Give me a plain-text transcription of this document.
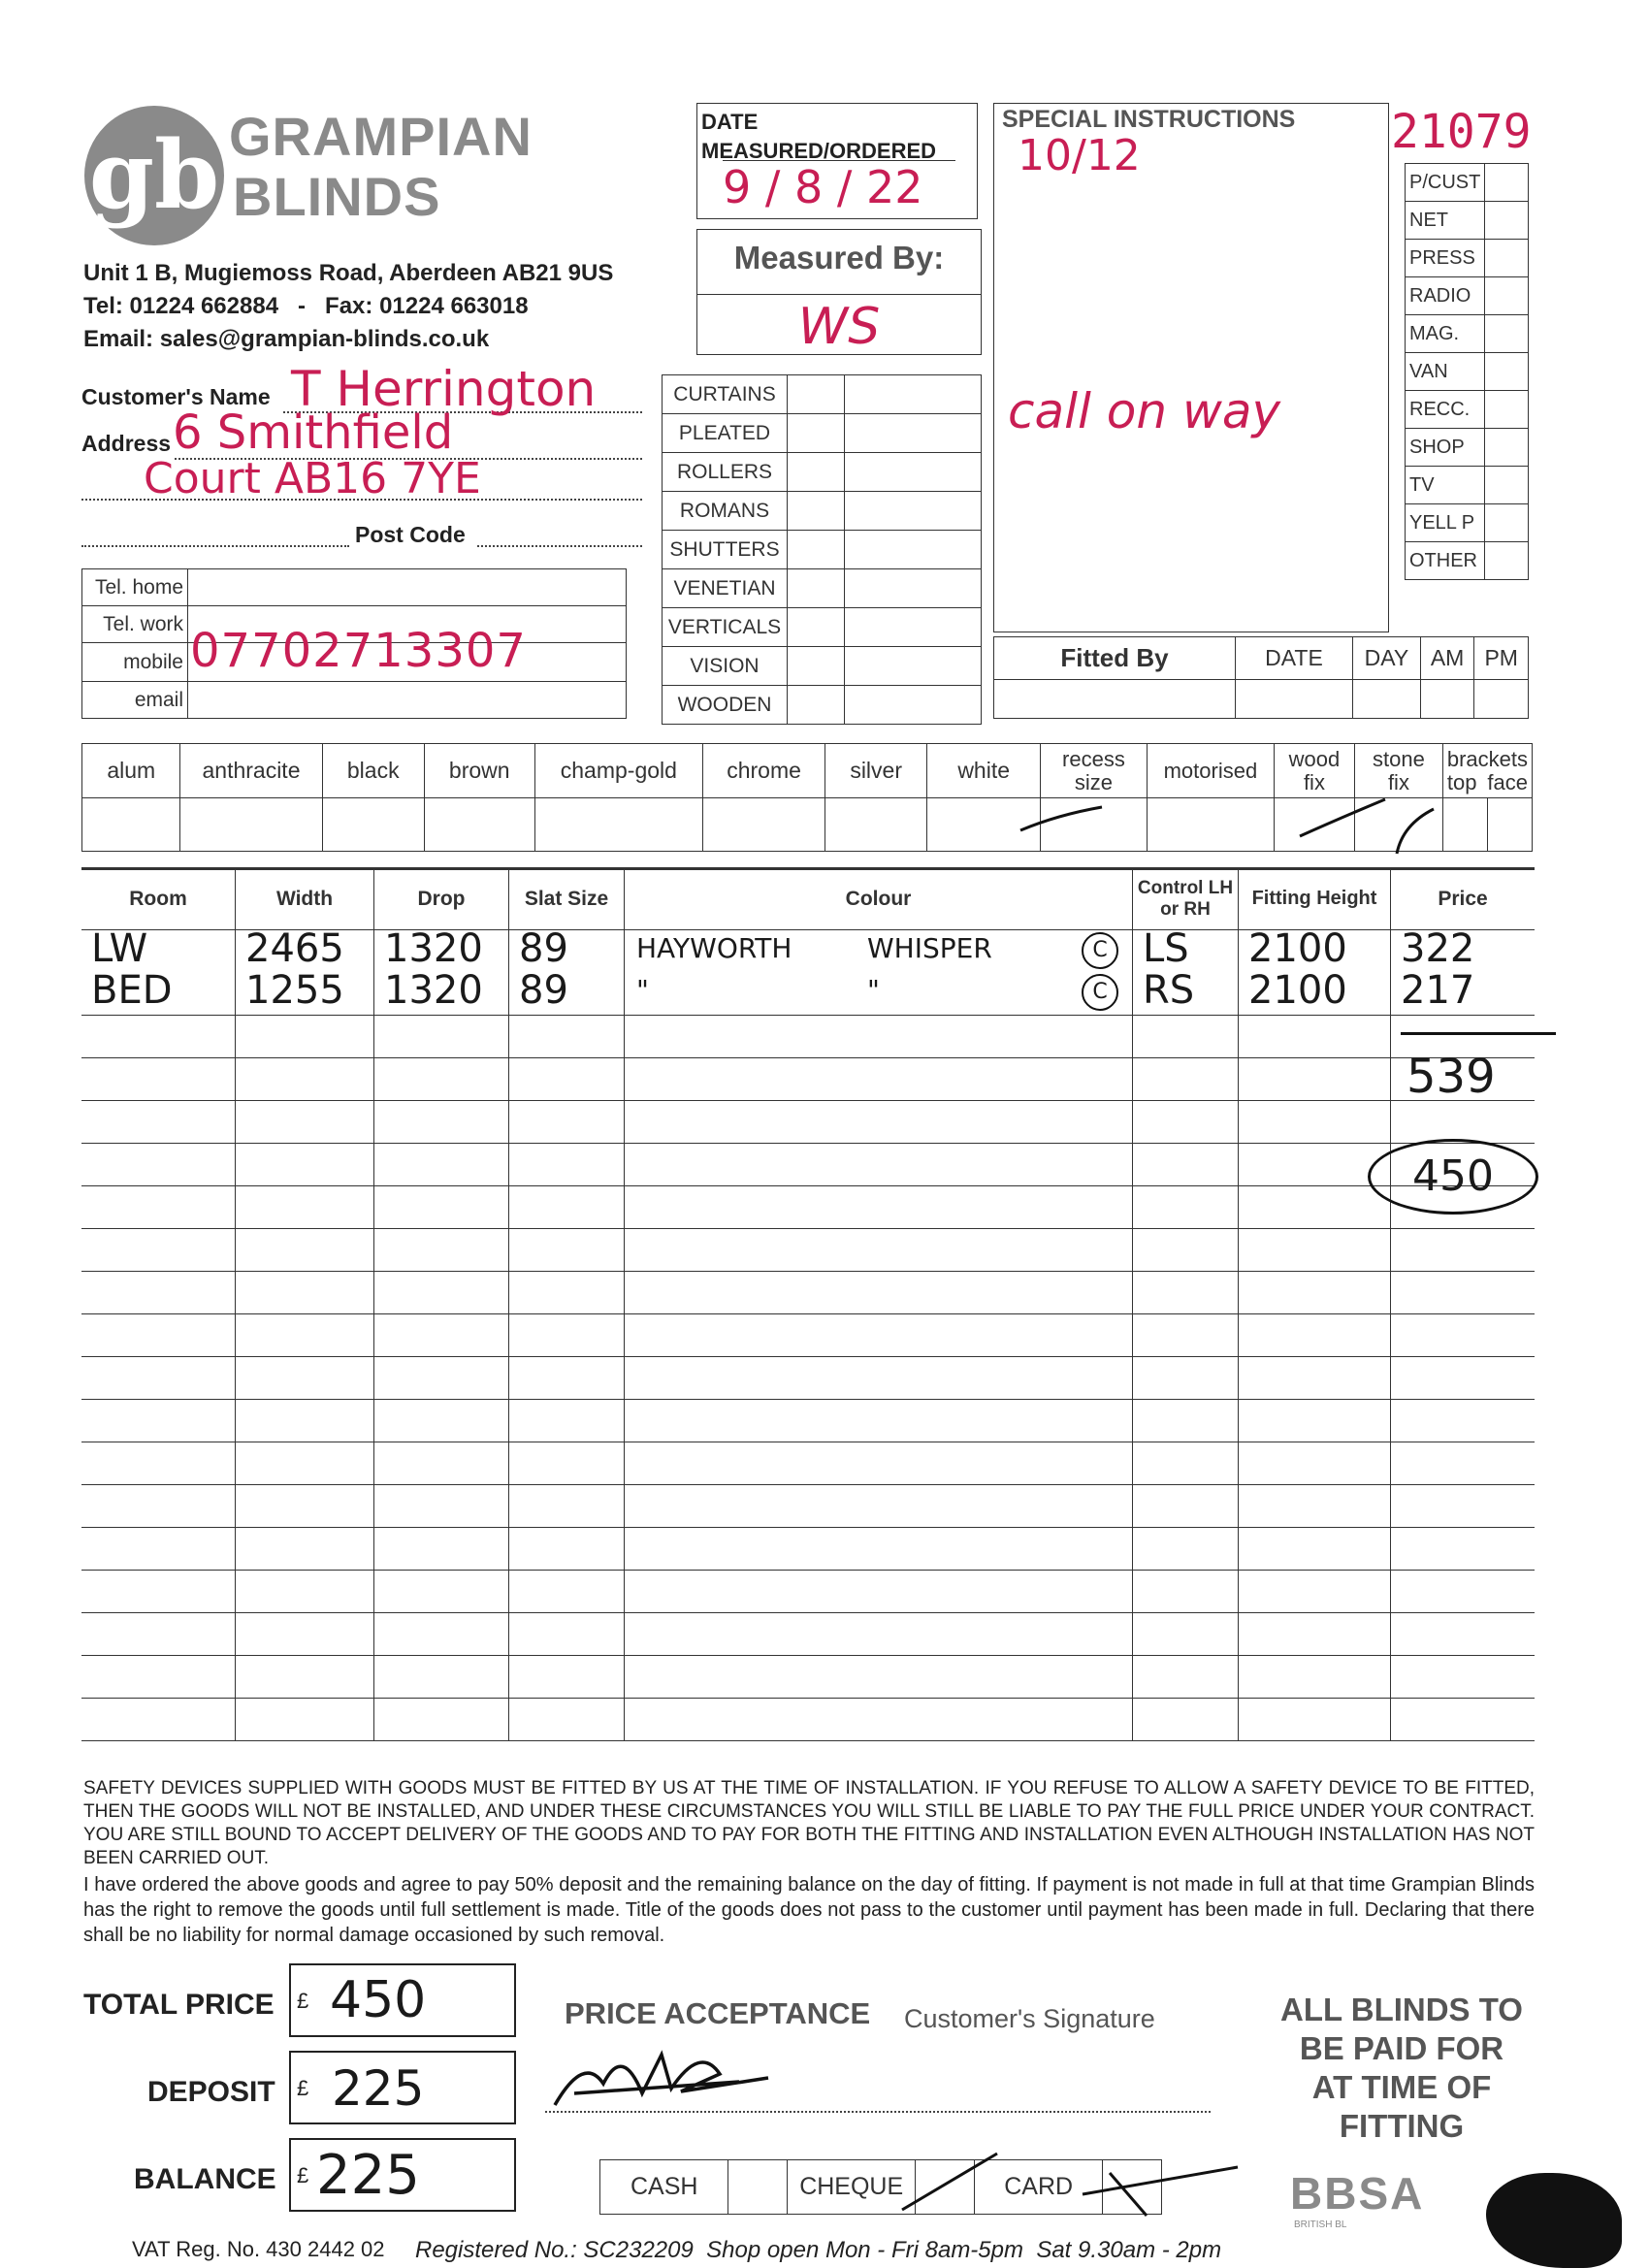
gb GRAMPIAN
BLINDS
Unit 1 B, Mugiemoss Road, Aberdeen AB21 9US
Tel: 01224 662884   -   Fax: 01224 663018
Email: sales@grampian-blinds.co.uk
Customer's Name T Herrington
Address 6 Smithfield
Court AB16 7YE
Post Code
Tel. home	
Tel. work	
mobile	07702713307

email	
DATE
MEASURED/ORDERED
9 / 8 / 22
Measured By:
WS
CURTAINS		
PLEATED		
ROLLERS		
ROMANS		
SHUTTERS		
VENETIAN		
VERTICALS		
VISION		
WOODEN		
SPECIAL INSTRUCTIONS
10/12
call on way
21079
P/CUST	
NET	
PRESS	
RADIO	
MAG.	
VAN	
RECC.	
SHOP	
TV	
YELL P	
OTHER	
Fitted By	DATE	DAY	AM	PM

alum	anthracite	black	brown	champ-gold	chrome	silver	white	recess size	motorised	wood fix	stone fix	brackets
top face

Room	Width	Drop	Slat Size	Colour	Control LH or RH	Fitting Height	Price

LW	2465	1320	89	HAYWORTH WHISPER C	LS	2100	322

BED	1255	1320	89	" " C	RS	2100	217

539
450
SAFETY DEVICES SUPPLIED WITH GOODS MUST BE FITTED BY US AT THE TIME OF INSTALLATION. IF YOU REFUSE TO ALLOW A SAFETY DEVICE TO BE FITTED, THEN THE GOODS WILL NOT BE INSTALLED, AND UNDER THESE CIRCUMSTANCES YOU WILL STILL BE LIABLE TO PAY THE FULL PRICE UNDER YOUR CONTRACT. YOU ARE STILL BOUND TO ACCEPT DELIVERY OF THE GOODS AND TO PAY FOR BOTH THE FITTING AND INSTALLATION EVEN ALTHOUGH INSTALLATION HAS NOT BEEN CARRIED OUT.
I have ordered the above goods and agree to pay 50% deposit and the remaining balance on the day of fitting. If payment is not made in full at that time Grampian Blinds has the right to remove the goods until full settlement is made. Title of the goods does not pass to the customer until payment has been made in full. Declaring that there shall be no liability for normal damage occasioned by such removal.
TOTAL PRICE £ 450
DEPOSIT £ 225
BALANCE £ 225
PRICE ACCEPTANCE Customer's Signature
CASH		CHEQUE		CARD	
ALL BLINDS TO
BE PAID FOR
AT TIME OF
FITTING
BBSA
BRITISH BL
VAT Reg. No. 430 2442 02 Registered No.: SC232209  Shop open Mon - Fri 8am-5pm  Sat 9.30am - 2pm
